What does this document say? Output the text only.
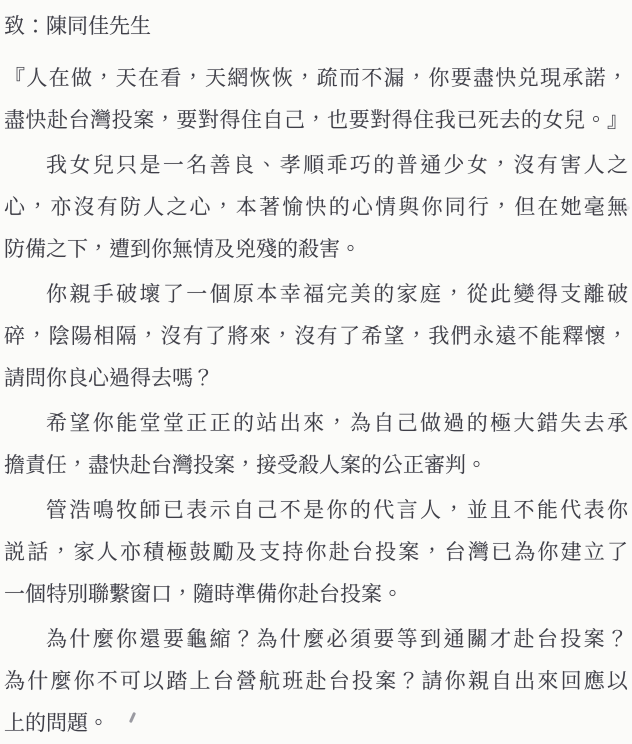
致：陳同佳先生
『人在做，天在看，天網恢恢，疏而不漏，你要盡快兑現承諾，
盡快赴台灣投案，要對得住自己，也要對得住我已死去的女兒。』
我女兒只是一名善良、孝順乖巧的普通少女，沒有害人之
心，亦沒有防人之心，本著愉快的心情與你同行，但在她毫無
防備之下，遭到你無情及兇殘的殺害。
你親手破壞了一個原本幸福完美的家庭，從此變得支離破
碎，陰陽相隔，沒有了將來，沒有了希望，我們永遠不能釋懷，
請問你良心過得去嗎？
希望你能堂堂正正的站出來，為自己做過的極大錯失去承
擔責任，盡快赴台灣投案，接受殺人案的公正審判。
管浩鳴牧師已表示自己不是你的代言人，並且不能代表你
説話，家人亦積極鼓勵及支持你赴台投案，台灣已為你建立了
一個特別聯繫窗口，隨時準備你赴台投案。
為什麼你還要龜縮？為什麼必須要等到通關才赴台投案？
為什麼你不可以踏上台營航班赴台投案？請你親自出來回應以
上的問題。
